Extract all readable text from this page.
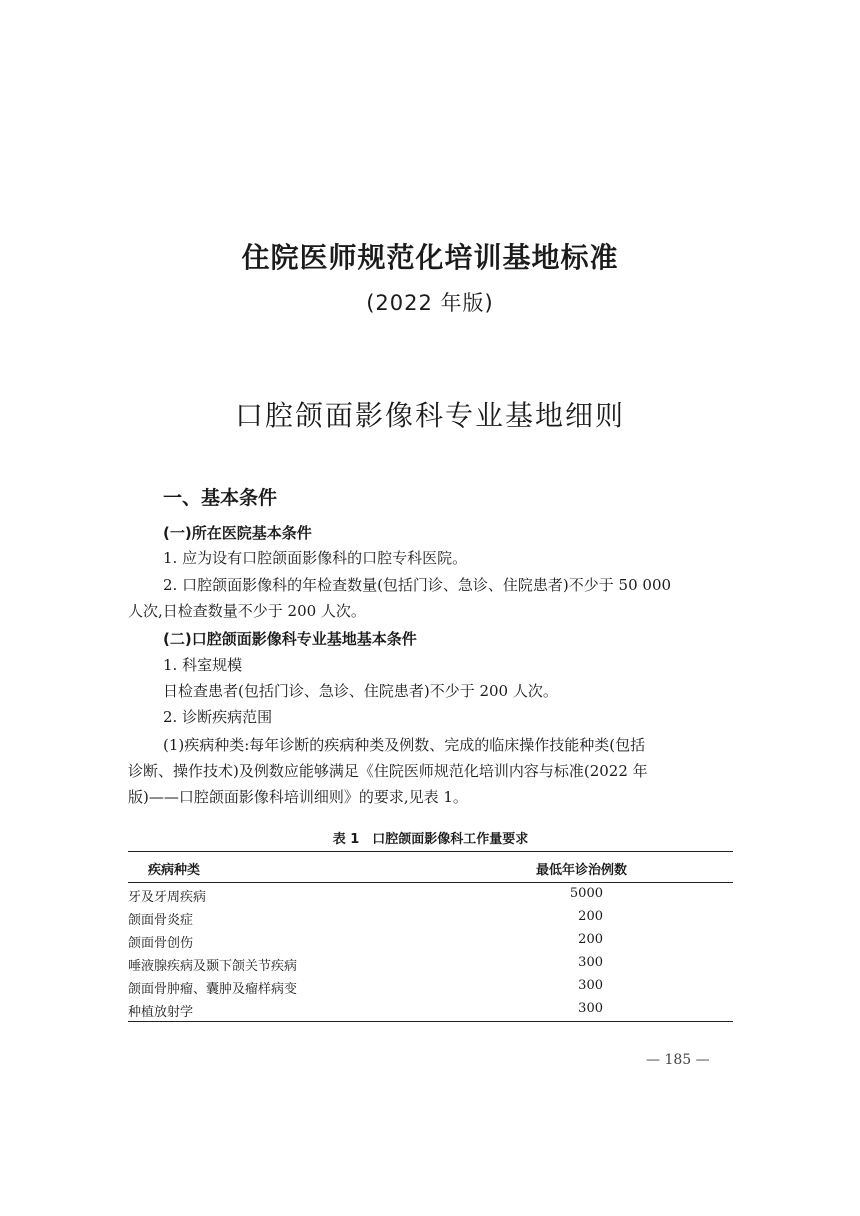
住院医师规范化培训基地标准
(2022 年版)
口腔颌面影像科专业基地细则
一、基本条件
(一)所在医院基本条件
1. 应为设有口腔颌面影像科的口腔专科医院。
2. 口腔颌面影像科的年检查数量(包括门诊、急诊、住院患者)不少于 50 000
人次,日检查数量不少于 200 人次。
(二)口腔颌面影像科专业基地基本条件
1. 科室规模
日检查患者(包括门诊、急诊、住院患者)不少于 200 人次。
2. 诊断疾病范围
(1)疾病种类:每年诊断的疾病种类及例数、完成的临床操作技能种类(包括
诊断、操作技术)及例数应能够满足《住院医师规范化培训内容与标准(2022 年
版)——口腔颌面影像科培训细则》的要求,见表 1。
表 1　口腔颌面影像科工作量要求
疾病种类	最低年诊治例数
牙及牙周疾病	5000
颌面骨炎症	200
颌面骨创伤	200
唾液腺疾病及颞下颌关节疾病	300
颌面骨肿瘤、囊肿及瘤样病变	300
种植放射学	300
— 185 —
